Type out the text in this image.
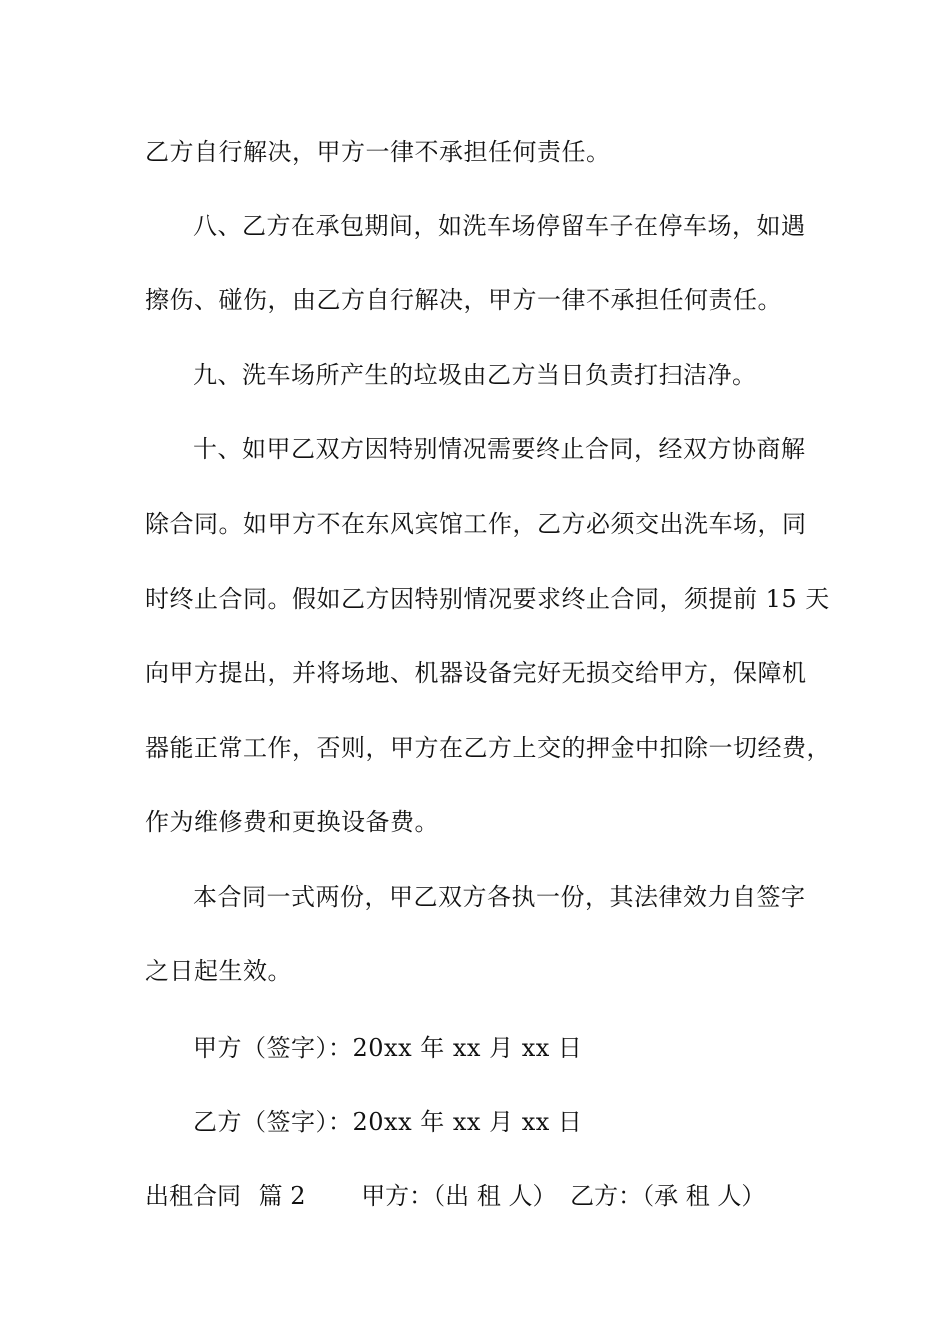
乙方自行解决，甲方一律不承担任何责任。
八、乙方在承包期间，如洗车场停留车子在停车场，如遇
擦伤、碰伤，由乙方自行解决，甲方一律不承担任何责任。
九、洗车场所产生的垃圾由乙方当日负责打扫洁净。
十、如甲乙双方因特别情况需要终止合同，经双方协商解
除合同。如甲方不在东风宾馆工作，乙方必须交出洗车场，同
时终止合同。假如乙方因特别情况要求终止合同，须提前 15 天
向甲方提出，并将场地、机器设备完好无损交给甲方，保障机
器能正常工作，否则，甲方在乙方上交的押金中扣除一切经费，
作为维修费和更换设备费。
本合同一式两份，甲乙双方各执一份，其法律效力自签字
之日起生效。
甲方（签字）：20xx 年 xx 月 xx 日
乙方（签字）：20xx 年 xx 月 xx 日
出租合同 篇 2 甲方：（出 租 人） 乙方：（承 租 人）
